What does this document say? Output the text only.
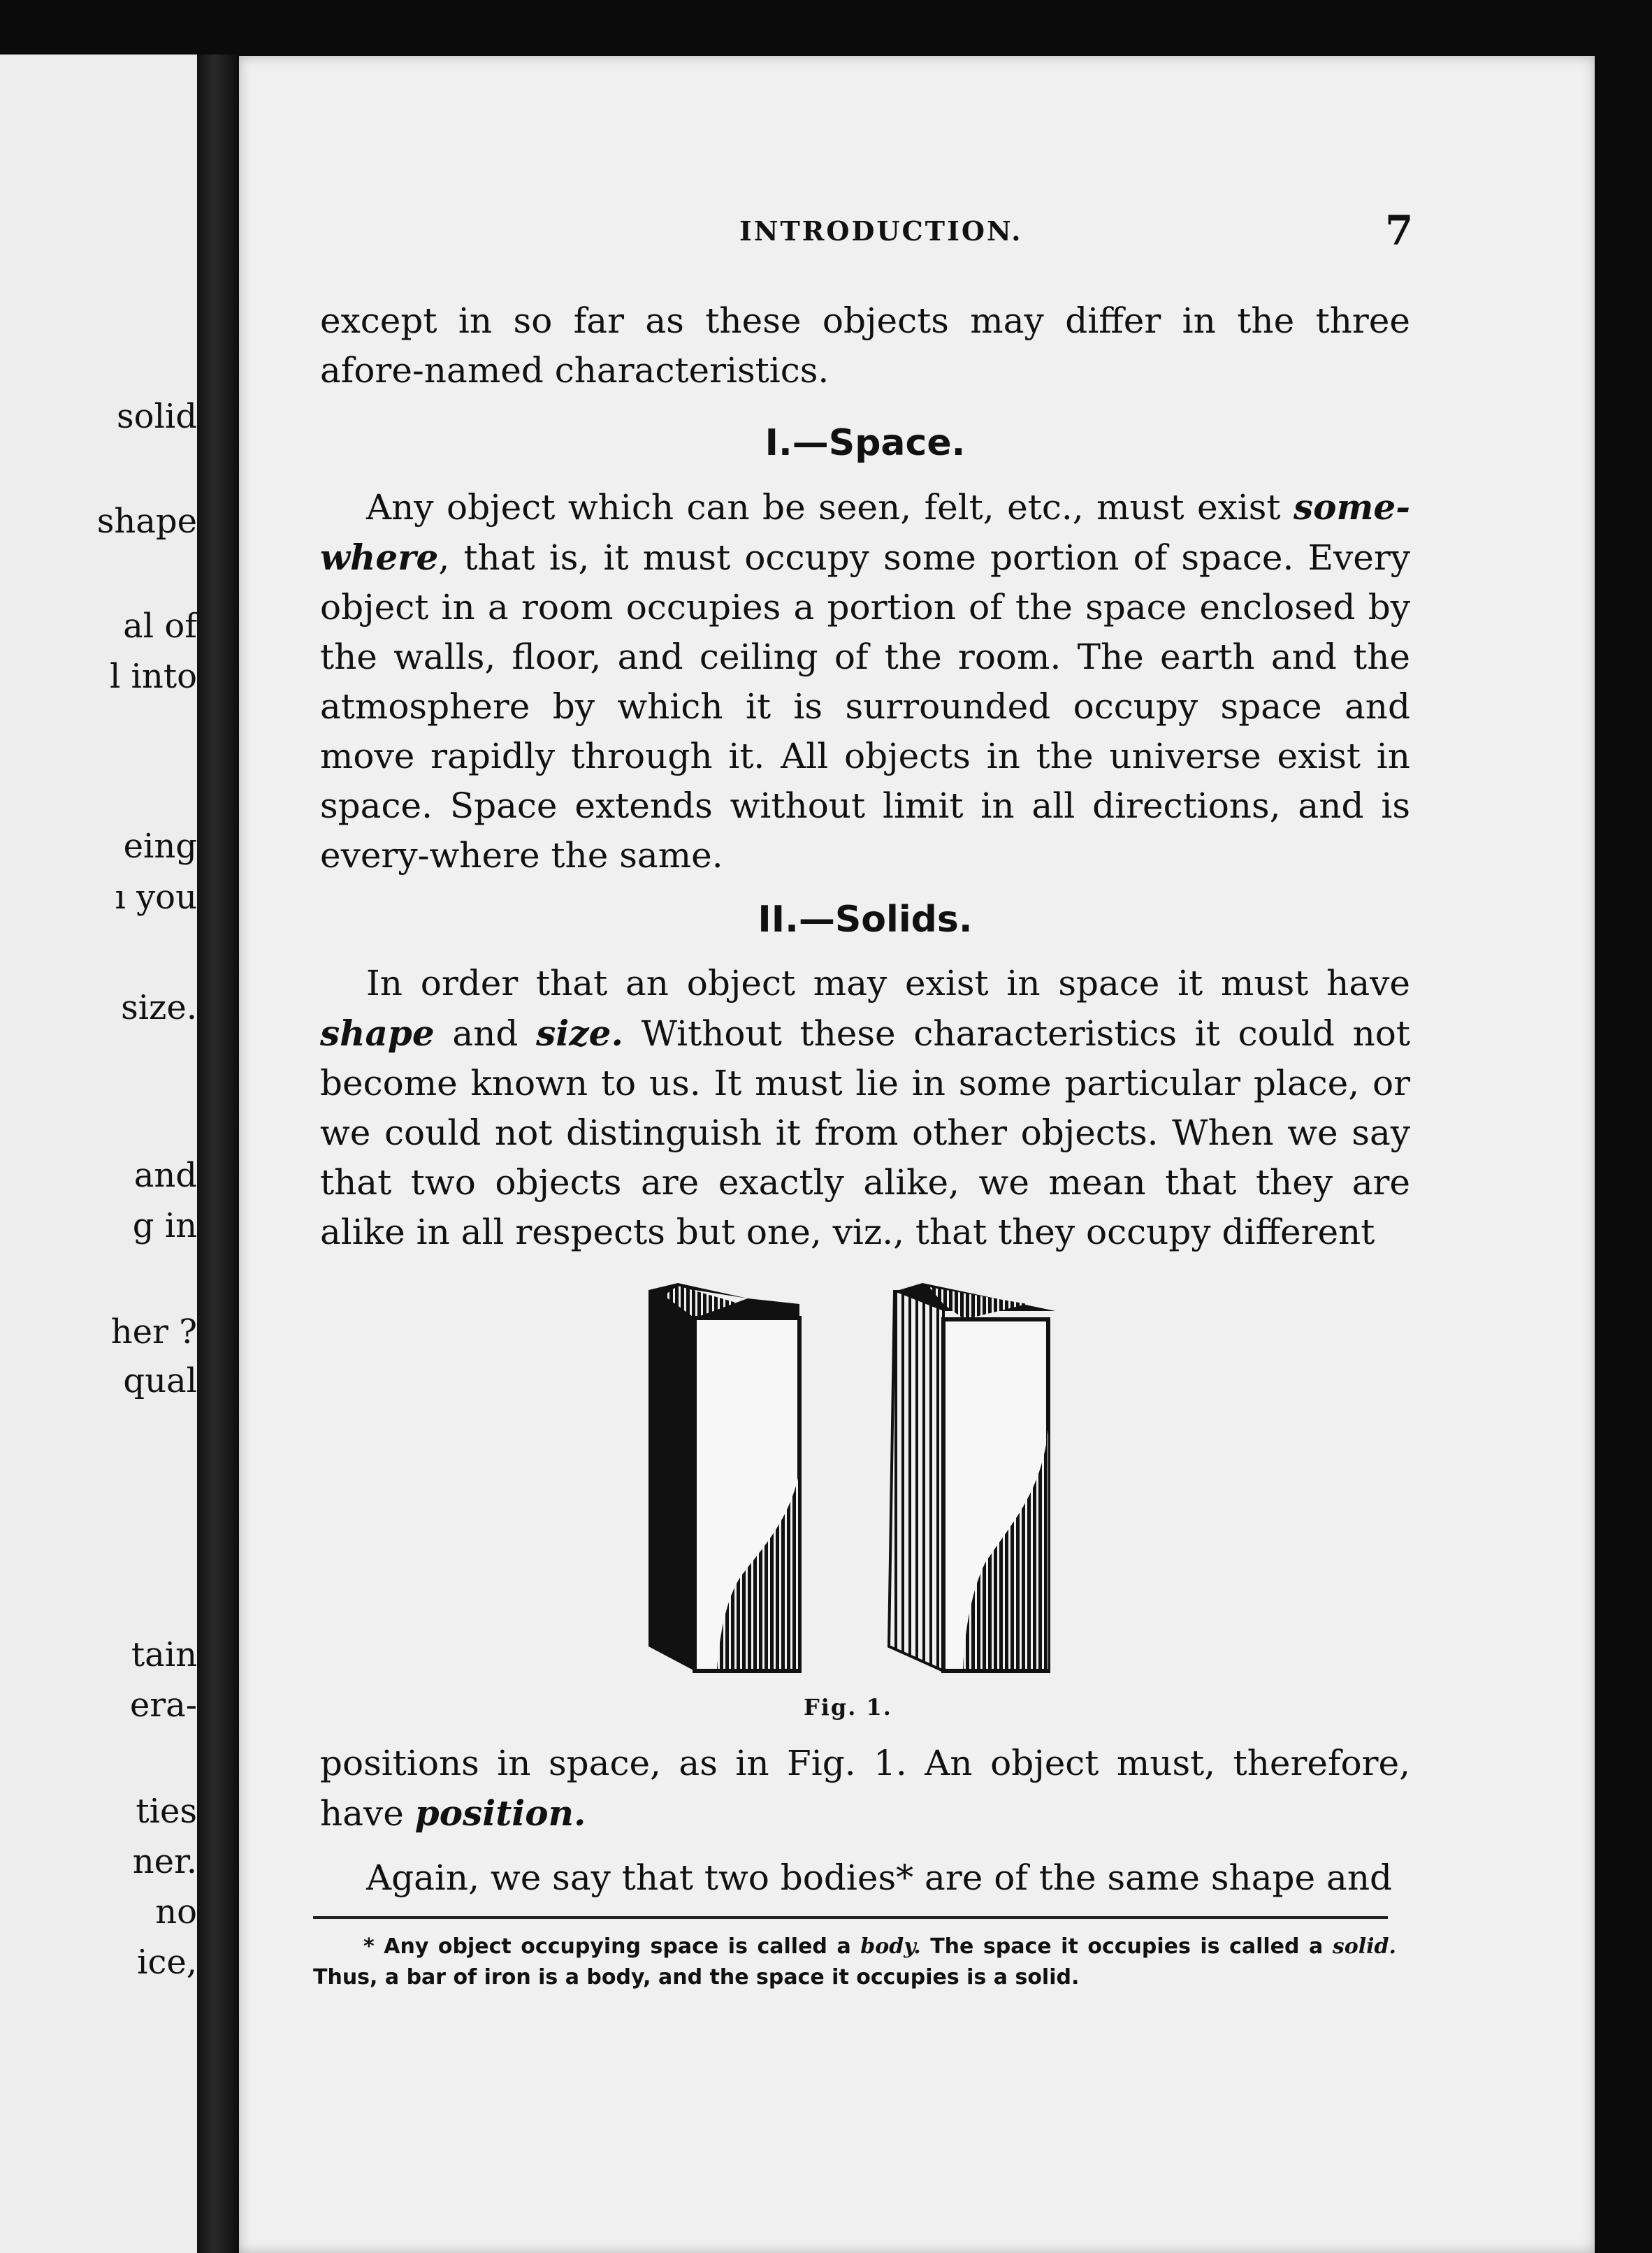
solid
shape
al of
l into
eing
ı you
size.
and
g in
her ?
qual
tain
era-
ties
ner.
no
ice,
INTRODUCTION.	7

except in so far as these objects may differ in the three afore-named characteristics.

I.—Space.

Any object which can be seen, felt, etc., must exist some-where, that is, it must occupy some portion of space. Every object in a room occupies a portion of the space enclosed by the walls, floor, and ceiling of the room. The earth and the atmosphere by which it is surrounded occupy space and move rapidly through it. All objects in the universe exist in space. Space extends without limit in all directions, and is every-where the same.

II.—Solids.

In order that an object may exist in space it must have shape and size. Without these characteristics it could not become known to us. It must lie in some particular place, or we could not distinguish it from other objects. When we say that two objects are exactly alike, we mean that they are alike in all respects but one, viz., that they occupy different

Fig. 1.

positions in space, as in Fig. 1. An object must, therefore, have position.

Again, we say that two bodies* are of the same shape and

* Any object occupying space is called a body. The space it occupies is called a solid. Thus, a bar of iron is a body, and the space it occupies is a solid.
